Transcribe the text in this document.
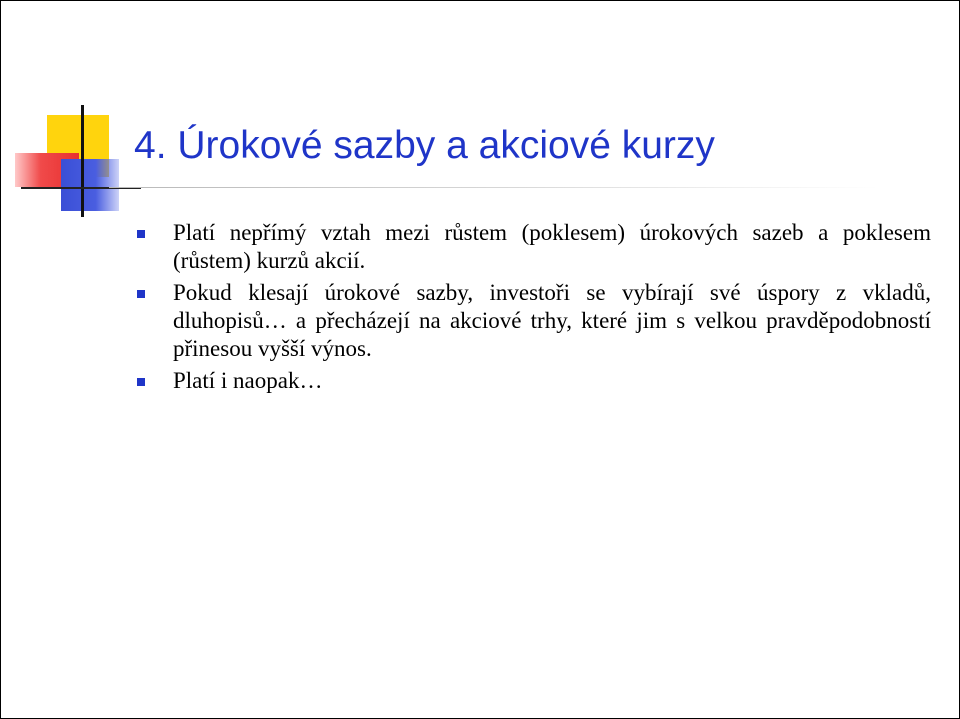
4. Úrokové sazby a akciové kurzy
Platí nepřímý vztah mezi růstem (poklesem) úrokových sazeb a poklesem (růstem) kurzů akcií.
Pokud klesají úrokové sazby, investoři se vybírají své úspory z vkladů, dluhopisů… a přecházejí na akciové trhy, které jim s velkou pravděpodobností přinesou vyšší výnos.
Platí i naopak…
